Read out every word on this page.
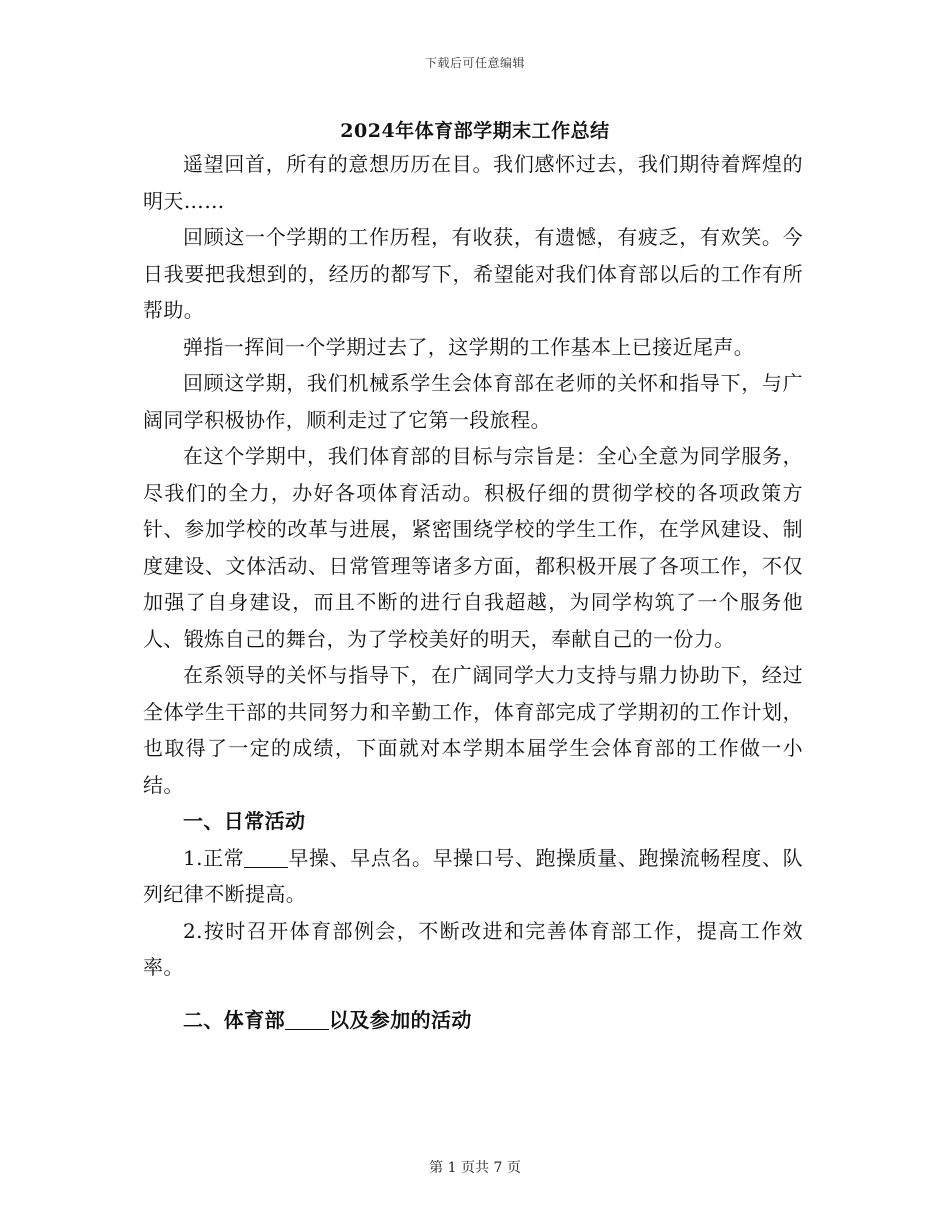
下载后可任意编辑
2024年体育部学期末工作总结

遥望回首，所有的意想历历在目。我们感怀过去，我们期待着辉煌的明天……

回顾这一个学期的工作历程，有收获，有遗憾，有疲乏，有欢笑。今日我要把我想到的，经历的都写下，希望能对我们体育部以后的工作有所帮助。

弹指一挥间一个学期过去了，这学期的工作基本上已接近尾声。

回顾这学期，我们机械系学生会体育部在老师的关怀和指导下，与广阔同学积极协作，顺利走过了它第一段旅程。

在这个学期中，我们体育部的目标与宗旨是：全心全意为同学服务，尽我们的全力，办好各项体育活动。积极仔细的贯彻学校的各项政策方针、参加学校的改革与进展，紧密围绕学校的学生工作，在学风建设、制度建设、文体活动、日常管理等诸多方面，都积极开展了各项工作，不仅加强了自身建设，而且不断的进行自我超越，为同学构筑了一个服务他人、锻炼自己的舞台，为了学校美好的明天，奉献自己的一份力。

在系领导的关怀与指导下，在广阔同学大力支持与鼎力协助下，经过全体学生干部的共同努力和辛勤工作，体育部完成了学期初的工作计划，也取得了一定的成绩，下面就对本学期本届学生会体育部的工作做一小结。

一、日常活动

1.正常 早操、早点名。早操口号、跑操质量、跑操流畅程度、队列纪律不断提高。

2.按时召开体育部例会，不断改进和完善体育部工作，提高工作效率。

二、体育部 以及参加的活动

第 1 页共 7 页
